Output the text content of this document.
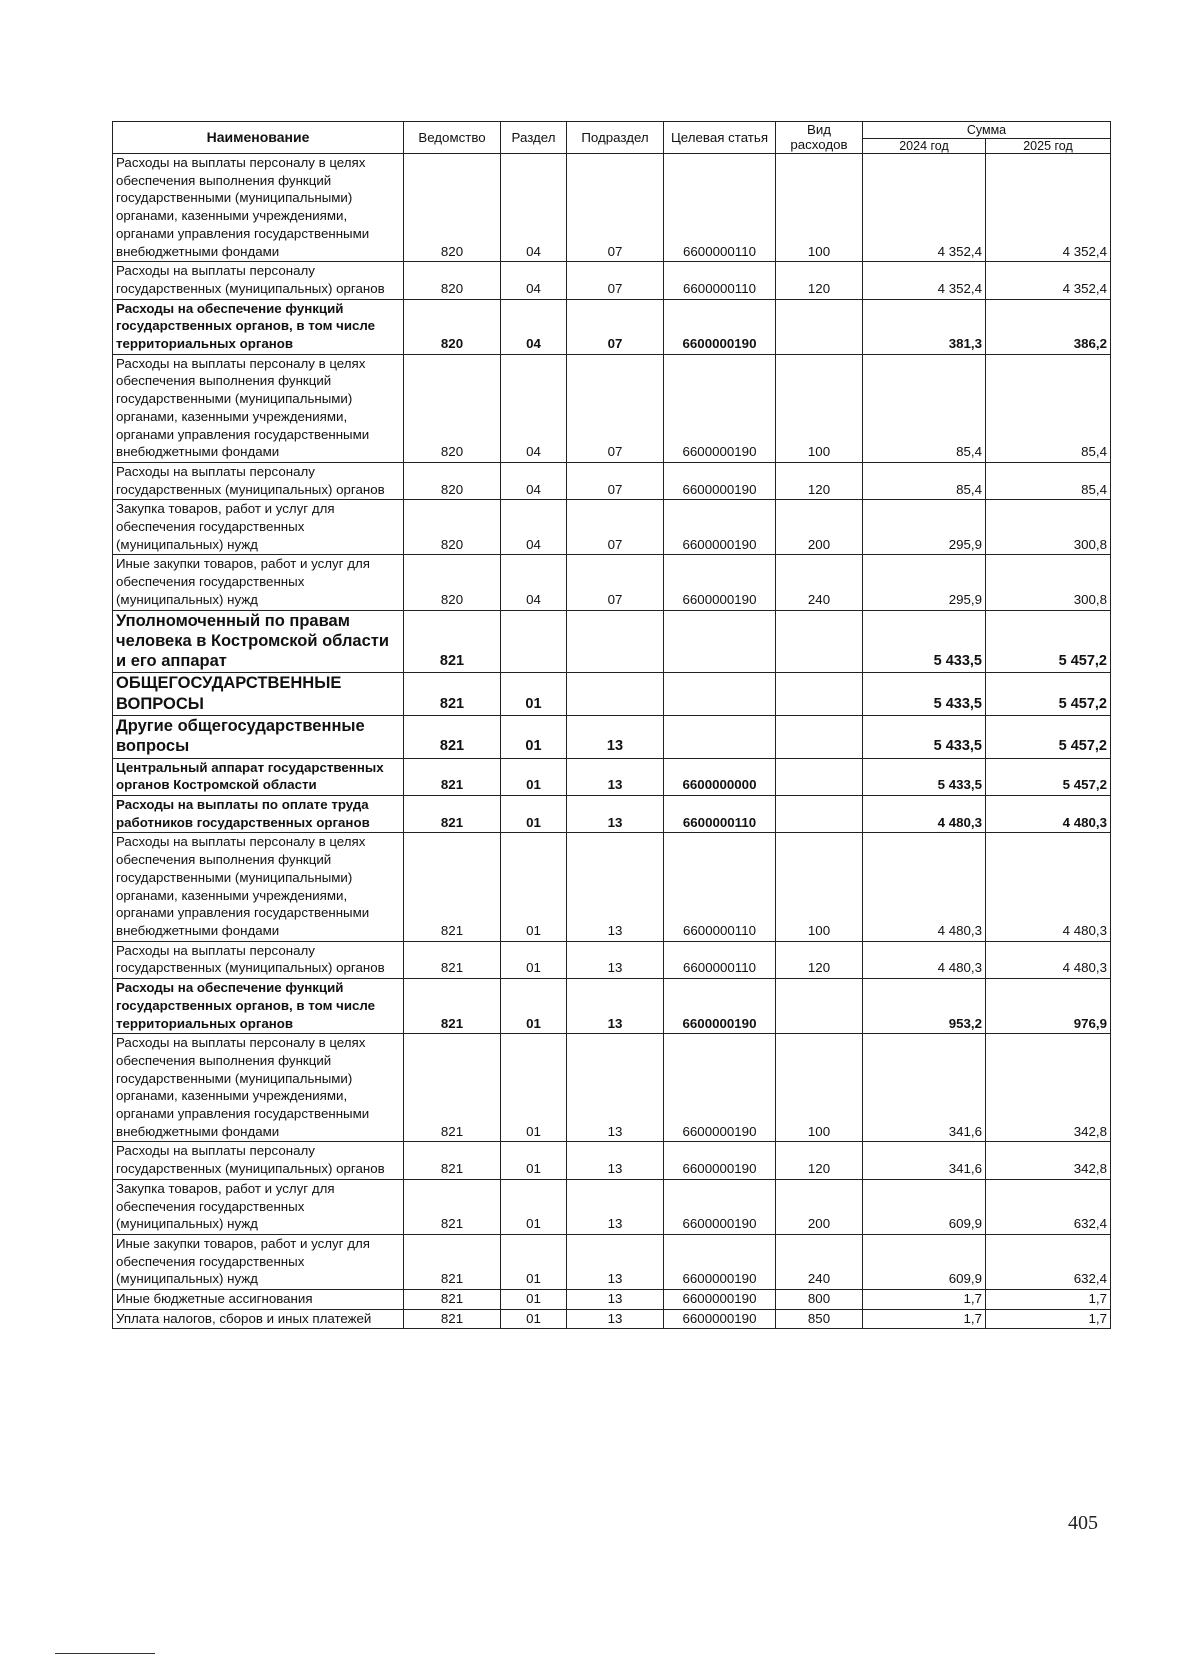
Наименование	Ведомство	Раздел	Подраздел	Целевая статья	Вид расходов	Сумма	
						2024 год	2025 год
Расходы на выплаты персоналу в целях обеспечения выполнения функций государственными (муниципальными) органами, казенными учреждениями, органами управления государственными внебюджетными фондами	820	04	07	6600000110	100	4 352,4	4 352,4
Расходы на выплаты персоналу государственных (муниципальных) органов	820	04	07	6600000110	120	4 352,4	4 352,4
Расходы на обеспечение функций государственных органов, в том числе территориальных органов	820	04	07	6600000190		381,3	386,2
Расходы на выплаты персоналу в целях обеспечения выполнения функций государственными (муниципальными) органами, казенными учреждениями, органами управления государственными внебюджетными фондами	820	04	07	6600000190	100	85,4	85,4
Расходы на выплаты персоналу государственных (муниципальных) органов	820	04	07	6600000190	120	85,4	85,4
Закупка товаров, работ и услуг для обеспечения государственных (муниципальных) нужд	820	04	07	6600000190	200	295,9	300,8
Иные закупки товаров, работ и услуг для обеспечения государственных (муниципальных) нужд	820	04	07	6600000190	240	295,9	300,8
Уполномоченный по правам человека в Костромской области и его аппарат	821					5 433,5	5 457,2
ОБЩЕГОСУДАРСТВЕННЫЕ ВОПРОСЫ	821	01				5 433,5	5 457,2
Другие общегосударственные вопросы	821	01	13			5 433,5	5 457,2
Центральный аппарат государственных органов Костромской области	821	01	13	6600000000		5 433,5	5 457,2
Расходы на выплаты по оплате труда работников государственных органов	821	01	13	6600000110		4 480,3	4 480,3
Расходы на выплаты персоналу в целях обеспечения выполнения функций государственными (муниципальными) органами, казенными учреждениями, органами управления государственными внебюджетными фондами	821	01	13	6600000110	100	4 480,3	4 480,3
Расходы на выплаты персоналу государственных (муниципальных) органов	821	01	13	6600000110	120	4 480,3	4 480,3
Расходы на обеспечение функций государственных органов, в том числе территориальных органов	821	01	13	6600000190		953,2	976,9
Расходы на выплаты персоналу в целях обеспечения выполнения функций государственными (муниципальными) органами, казенными учреждениями, органами управления государственными внебюджетными фондами	821	01	13	6600000190	100	341,6	342,8
Расходы на выплаты персоналу государственных (муниципальных) органов	821	01	13	6600000190	120	341,6	342,8
Закупка товаров, работ и услуг для обеспечения государственных (муниципальных) нужд	821	01	13	6600000190	200	609,9	632,4
Иные закупки товаров, работ и услуг для обеспечения государственных (муниципальных) нужд	821	01	13	6600000190	240	609,9	632,4
Иные бюджетные ассигнования	821	01	13	6600000190	800	1,7	1,7
Уплата налогов, сборов и иных платежей	821	01	13	6600000190	850	1,7	1,7
405
